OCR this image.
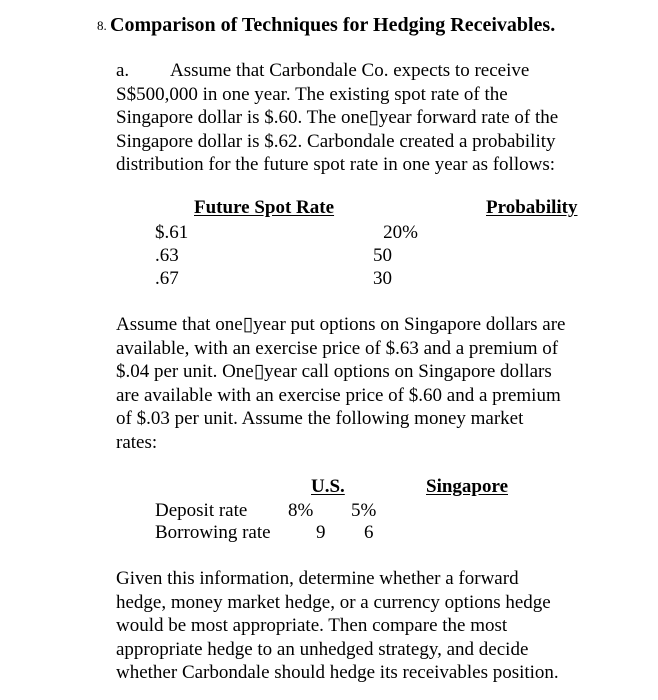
8. Comparison of Techniques for Hedging Receivables.
a. Assume that Carbondale Co. expects to receive
S$500,000 in one year. The existing spot rate of the
Singapore dollar is $.60. The one▯year forward rate of the
Singapore dollar is $.62. Carbondale created a probability
distribution for the future spot rate in one year as follows:
Future Spot Rate	Probability
$.61	20%
.63	50
.67	30
Assume that one▯year put options on Singapore dollars are
available, with an exercise price of $.63 and a premium of
$.04 per unit. One▯year call options on Singapore dollars
are available with an exercise price of $.60 and a premium
of $.03 per unit. Assume the following money market
rates:
U.S.	Singapore
Deposit rate 8% 5%
Borrowing rate 9 6
Given this information, determine whether a forward
hedge, money market hedge, or a currency options hedge
would be most appropriate. Then compare the most
appropriate hedge to an unhedged strategy, and decide
whether Carbondale should hedge its receivables position.
